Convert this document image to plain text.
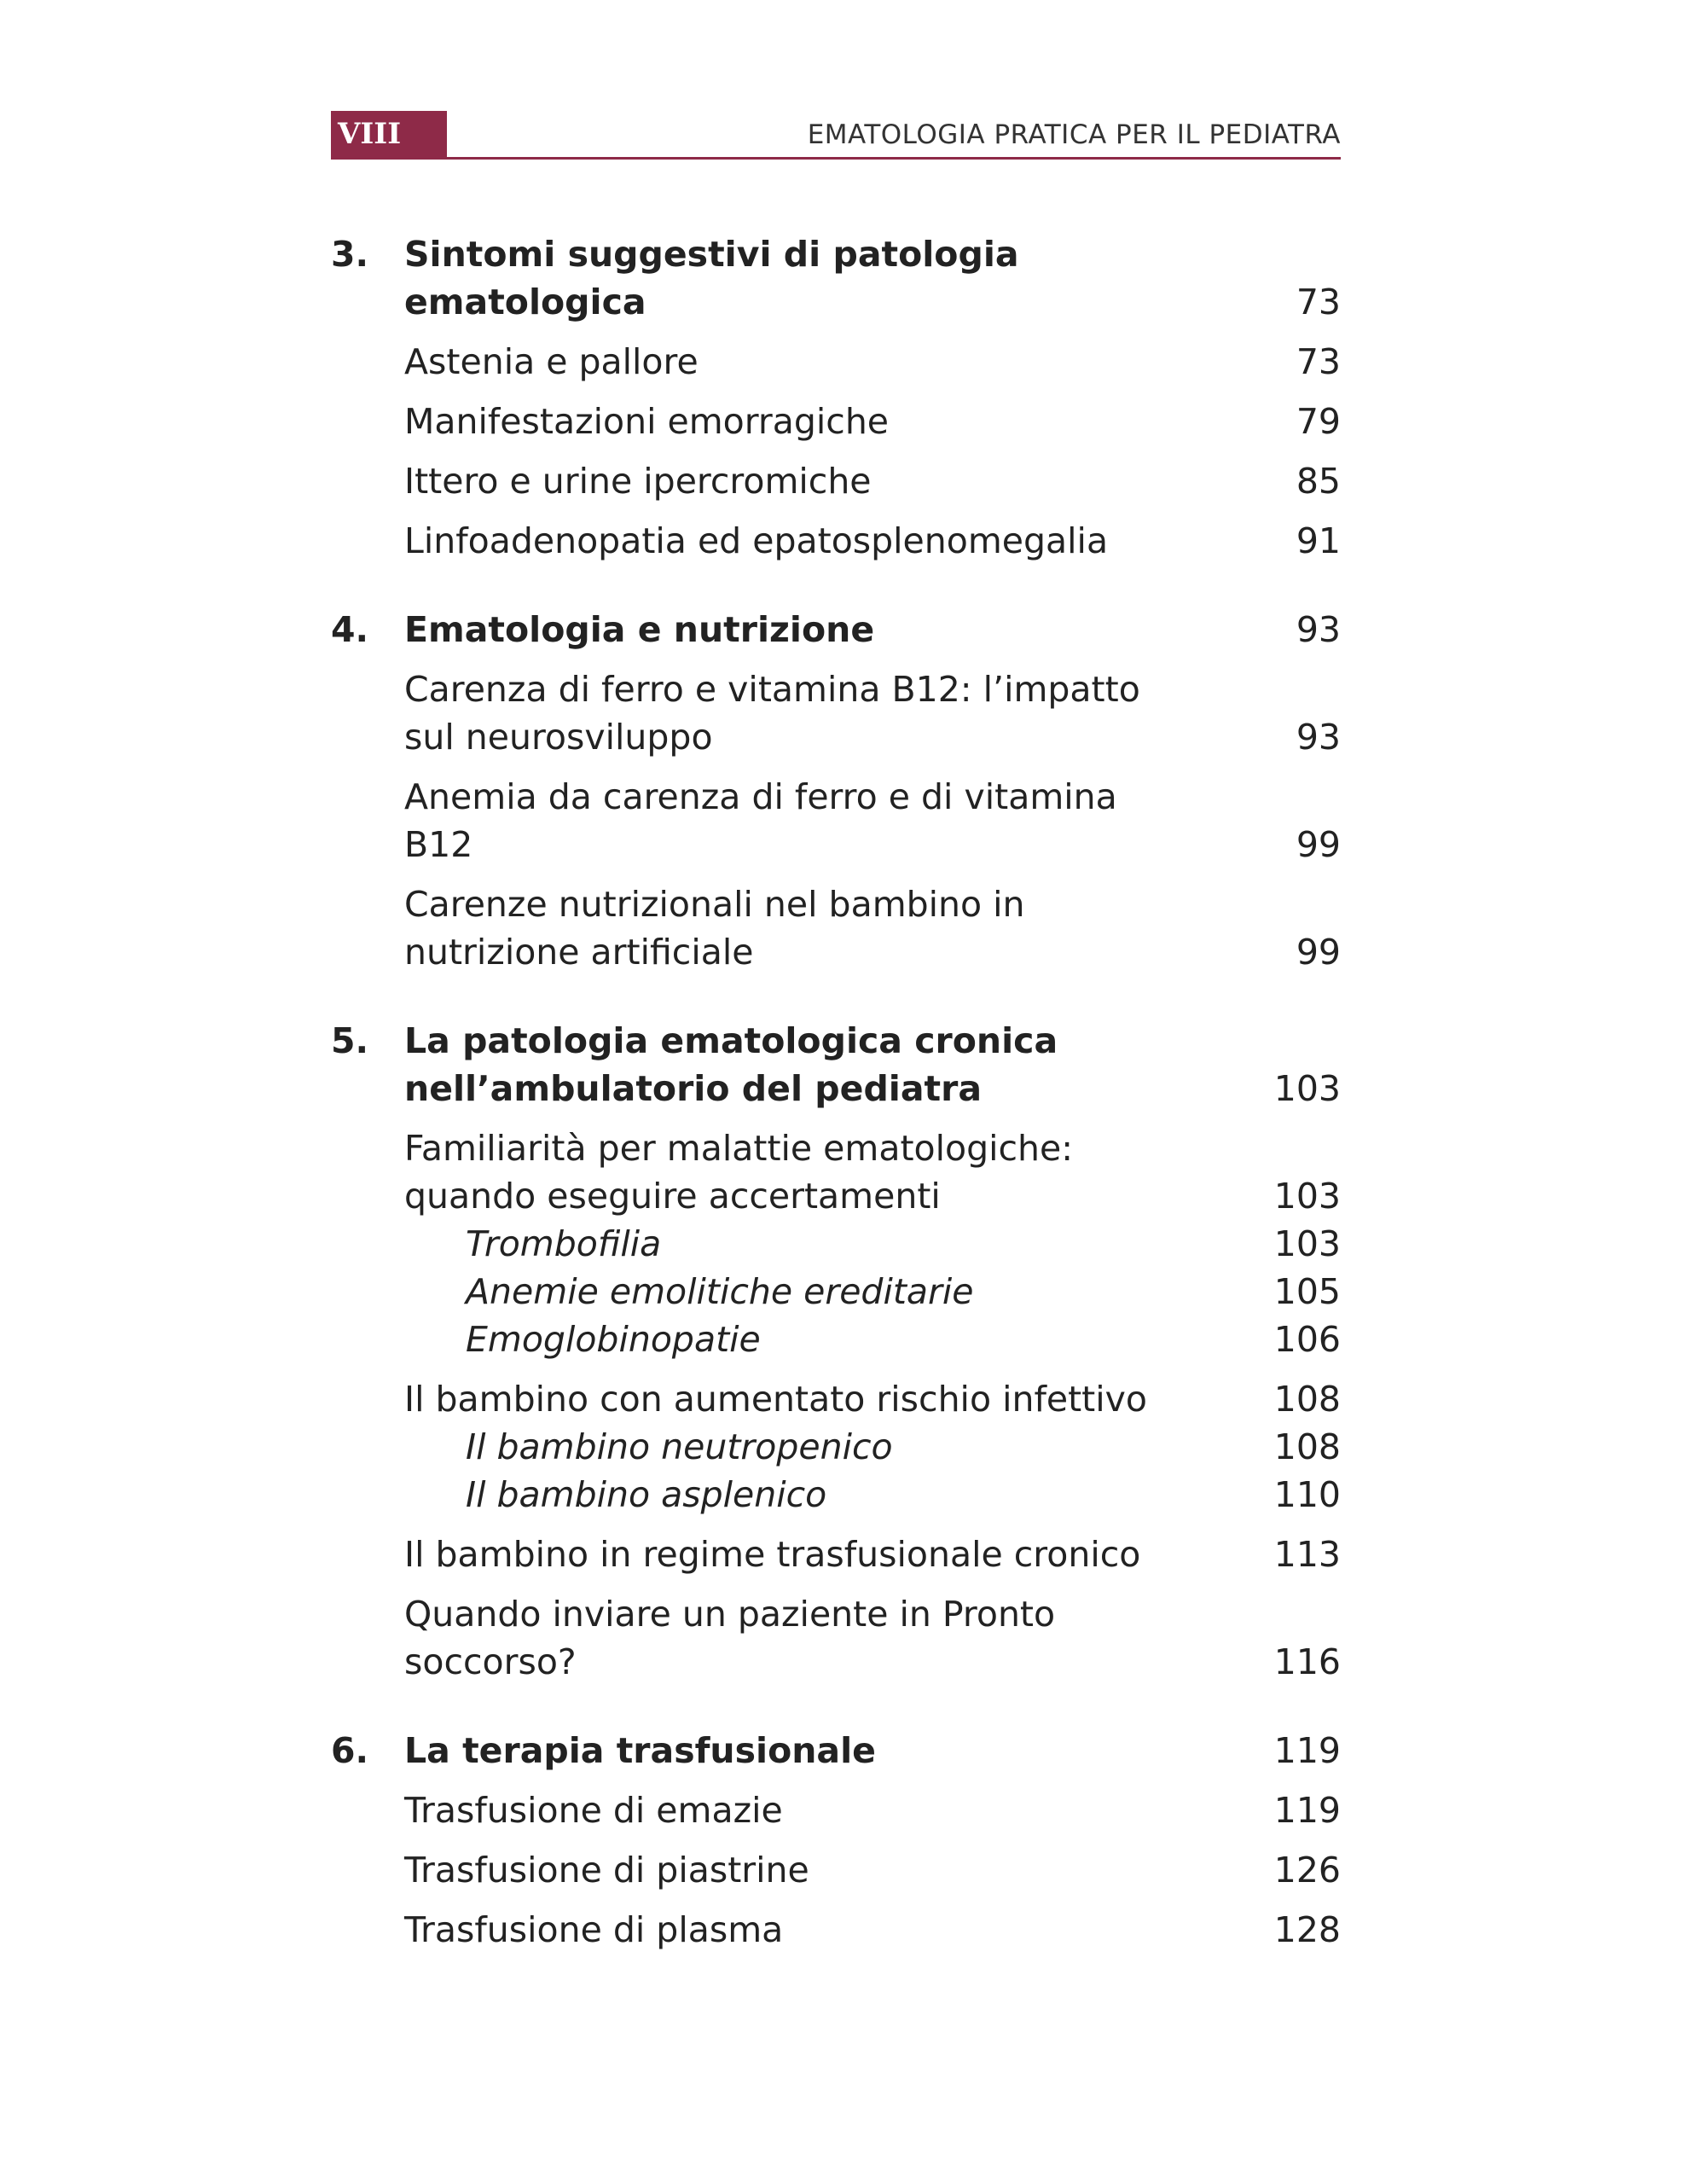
VIII	EMATOLOGIA PRATICA PER IL PEDIATRA
3.	Sintomi suggestivi di patologia ematologica	73
Astenia e pallore	73
Manifestazioni emorragiche	79
Ittero e urine ipercromiche	85
Linfoadenopatia ed epatosplenomegalia	91
4.	Ematologia e nutrizione	93
Carenza di ferro e vitamina B12: l’impatto sul neurosviluppo	93
Anemia da carenza di ferro e di vitamina B12	99
Carenze nutrizionali nel bambino in nutrizione artificiale	99
5.	La patologia ematologica cronica nell’ambulatorio del pediatra	103
Familiarità per malattie ematologiche: quando eseguire accertamenti	103
Trombofilia	103
Anemie emolitiche ereditarie	105
Emoglobinopatie	106
Il bambino con aumentato rischio infettivo	108
Il bambino neutropenico	108
Il bambino asplenico	110
Il bambino in regime trasfusionale cronico	113
Quando inviare un paziente in Pronto soccorso?	116
6.	La terapia trasfusionale	119
Trasfusione di emazie	119
Trasfusione di piastrine	126
Trasfusione di plasma	128
